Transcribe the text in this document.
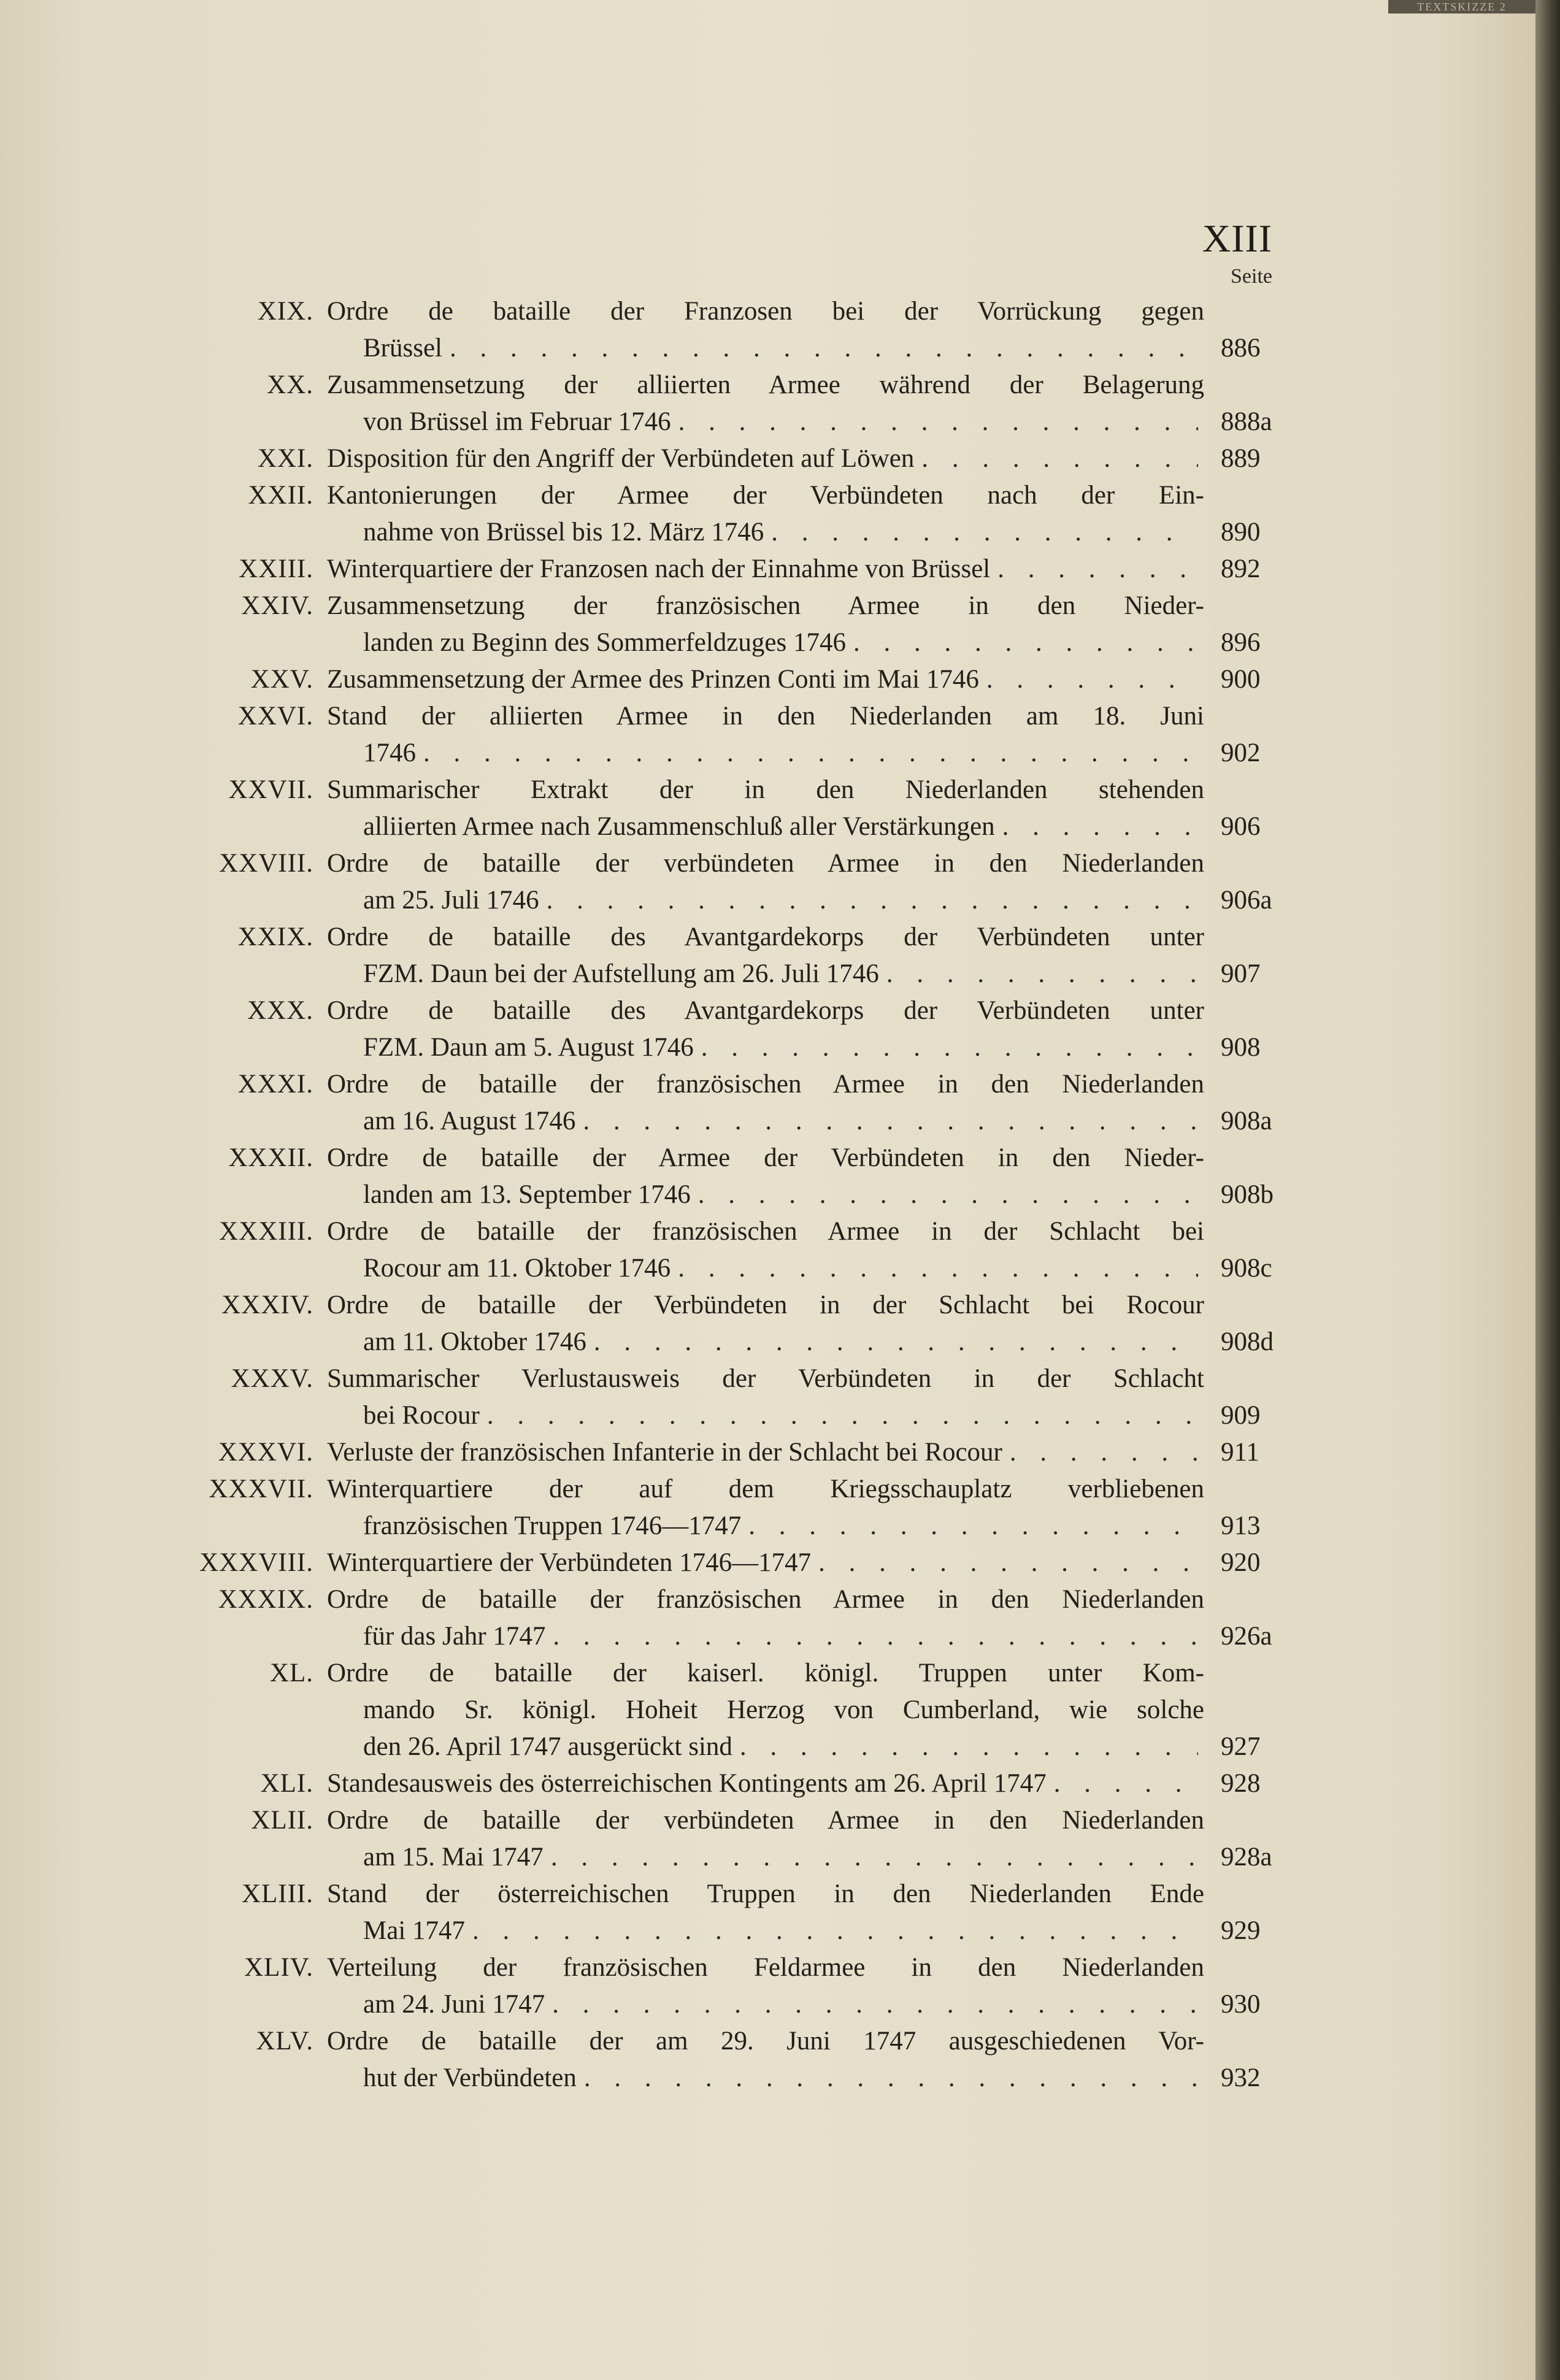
TEXTSKIZZE 2
XIII
Seite
XIX. Ordre de bataille der Franzosen bei der Vorrückung gegen
Brüssel . . .	886
XX. Zusammensetzung der alliierten Armee während der Belagerung
von Brüssel im Februar 1746 . . .	888a
XXI. Disposition für den Angriff der Verbündeten auf Löwen . . .	889
XXII. Kantonierungen der Armee der Verbündeten nach der Ein-
nahme von Brüssel bis 12. März 1746 . . .	890
XXIII. Winterquartiere der Franzosen nach der Einnahme von Brüssel . . .	892
XXIV. Zusammensetzung der französischen Armee in den Nieder-
landen zu Beginn des Sommerfeldzuges 1746 . . .	896
XXV. Zusammensetzung der Armee des Prinzen Conti im Mai 1746 . . .	900
XXVI. Stand der alliierten Armee in den Niederlanden am 18. Juni
1746 . . .	902
XXVII. Summarischer Extrakt der in den Niederlanden stehenden
alliierten Armee nach Zusammenschluß aller Verstärkungen . . .	906
XXVIII. Ordre de bataille der verbündeten Armee in den Niederlanden
am 25. Juli 1746 . . .	906a
XXIX. Ordre de bataille des Avantgardekorps der Verbündeten unter
FZM. Daun bei der Aufstellung am 26. Juli 1746 . . .	907
XXX. Ordre de bataille des Avantgardekorps der Verbündeten unter
FZM. Daun am 5. August 1746 . . .	908
XXXI. Ordre de bataille der französischen Armee in den Niederlanden
am 16. August 1746 . . .	908a
XXXII. Ordre de bataille der Armee der Verbündeten in den Nieder-
landen am 13. September 1746 . . .	908b
XXXIII. Ordre de bataille der französischen Armee in der Schlacht bei
Rocour am 11. Oktober 1746 . . .	908c
XXXIV. Ordre de bataille der Verbündeten in der Schlacht bei Rocour
am 11. Oktober 1746 . . .	908d
XXXV. Summarischer Verlustausweis der Verbündeten in der Schlacht
bei Rocour . . .	909
XXXVI. Verluste der französischen Infanterie in der Schlacht bei Rocour . . .	911
XXXVII. Winterquartiere der auf dem Kriegsschauplatz verbliebenen
französischen Truppen 1746—1747 . . .	913
XXXVIII. Winterquartiere der Verbündeten 1746—1747 . . .	920
XXXIX. Ordre de bataille der französischen Armee in den Niederlanden
für das Jahr 1747 . . .	926a
XL. Ordre de bataille der kaiserl. königl. Truppen unter Kom-
mando Sr. königl. Hoheit Herzog von Cumberland, wie solche
den 26. April 1747 ausgerückt sind . . .	927
XLI. Standesausweis des österreichischen Kontingents am 26. April 1747 . . .	928
XLII. Ordre de bataille der verbündeten Armee in den Niederlanden
am 15. Mai 1747 . . .	928a
XLIII. Stand der österreichischen Truppen in den Niederlanden Ende
Mai 1747 . . .	929
XLIV. Verteilung der französischen Feldarmee in den Niederlanden
am 24. Juni 1747 . . .	930
XLV. Ordre de bataille der am 29. Juni 1747 ausgeschiedenen Vor-
hut der Verbündeten . . .	932
